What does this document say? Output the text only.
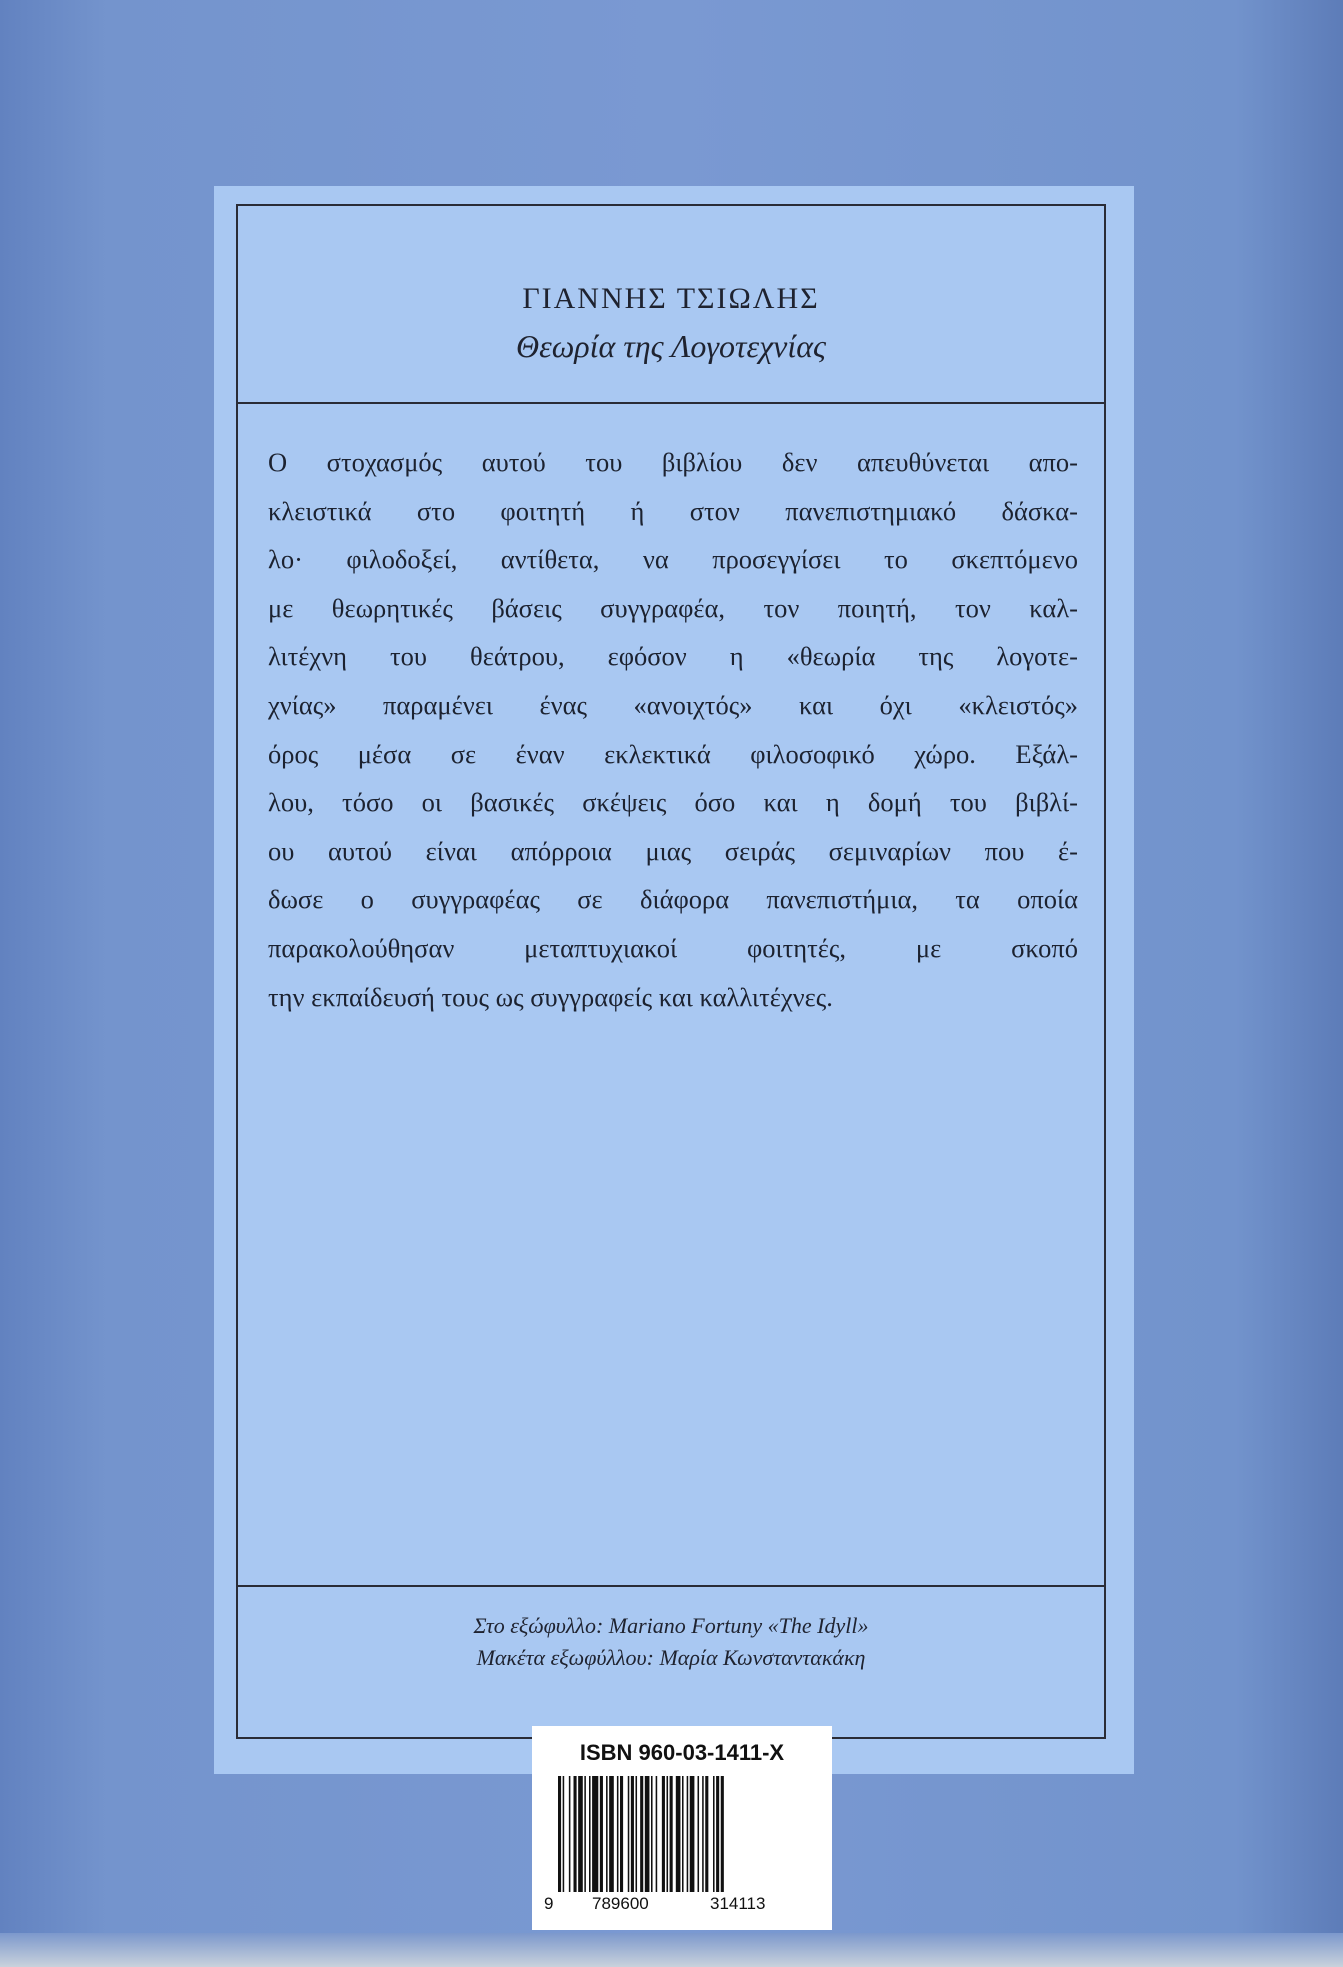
ΓΙΑΝΝΗΣ ΤΣΙΩΛΗΣ
Θεωρία της Λογοτεχνίας
Ο στοχασμός αυτού του βιβλίου δεν απευθύνεται απο-
κλειστικά στο φοιτητή ή στον πανεπιστημιακό δάσκα-
λο· φιλοδοξεί, αντίθετα, να προσεγγίσει το σκεπτόμενο
με θεωρητικές βάσεις συγγραφέα, τον ποιητή, τον καλ-
λιτέχνη του θεάτρου, εφόσον η «θεωρία της λογοτε-
χνίας» παραμένει ένας «ανοιχτός» και όχι «κλειστός»
όρος μέσα σε έναν εκλεκτικά φιλοσοφικό χώρο. Εξάλ-
λου, τόσο οι βασικές σκέψεις όσο και η δομή του βιβλί-
ου αυτού είναι απόρροια μιας σειράς σεμιναρίων που έ-
δωσε ο συγγραφέας σε διάφορα πανεπιστήμια, τα οποία
παρακολούθησαν μεταπτυχιακοί φοιτητές, με σκοπό
την εκπαίδευσή τους ως συγγραφείς και καλλιτέχνες.
Στο εξώφυλλο: Mariano Fortuny «The Idyll»
Μακέτα εξωφύλλου: Μαρία Κωνσταντακάκη
ISBN 960-03-1411-X
9 789600	314113
